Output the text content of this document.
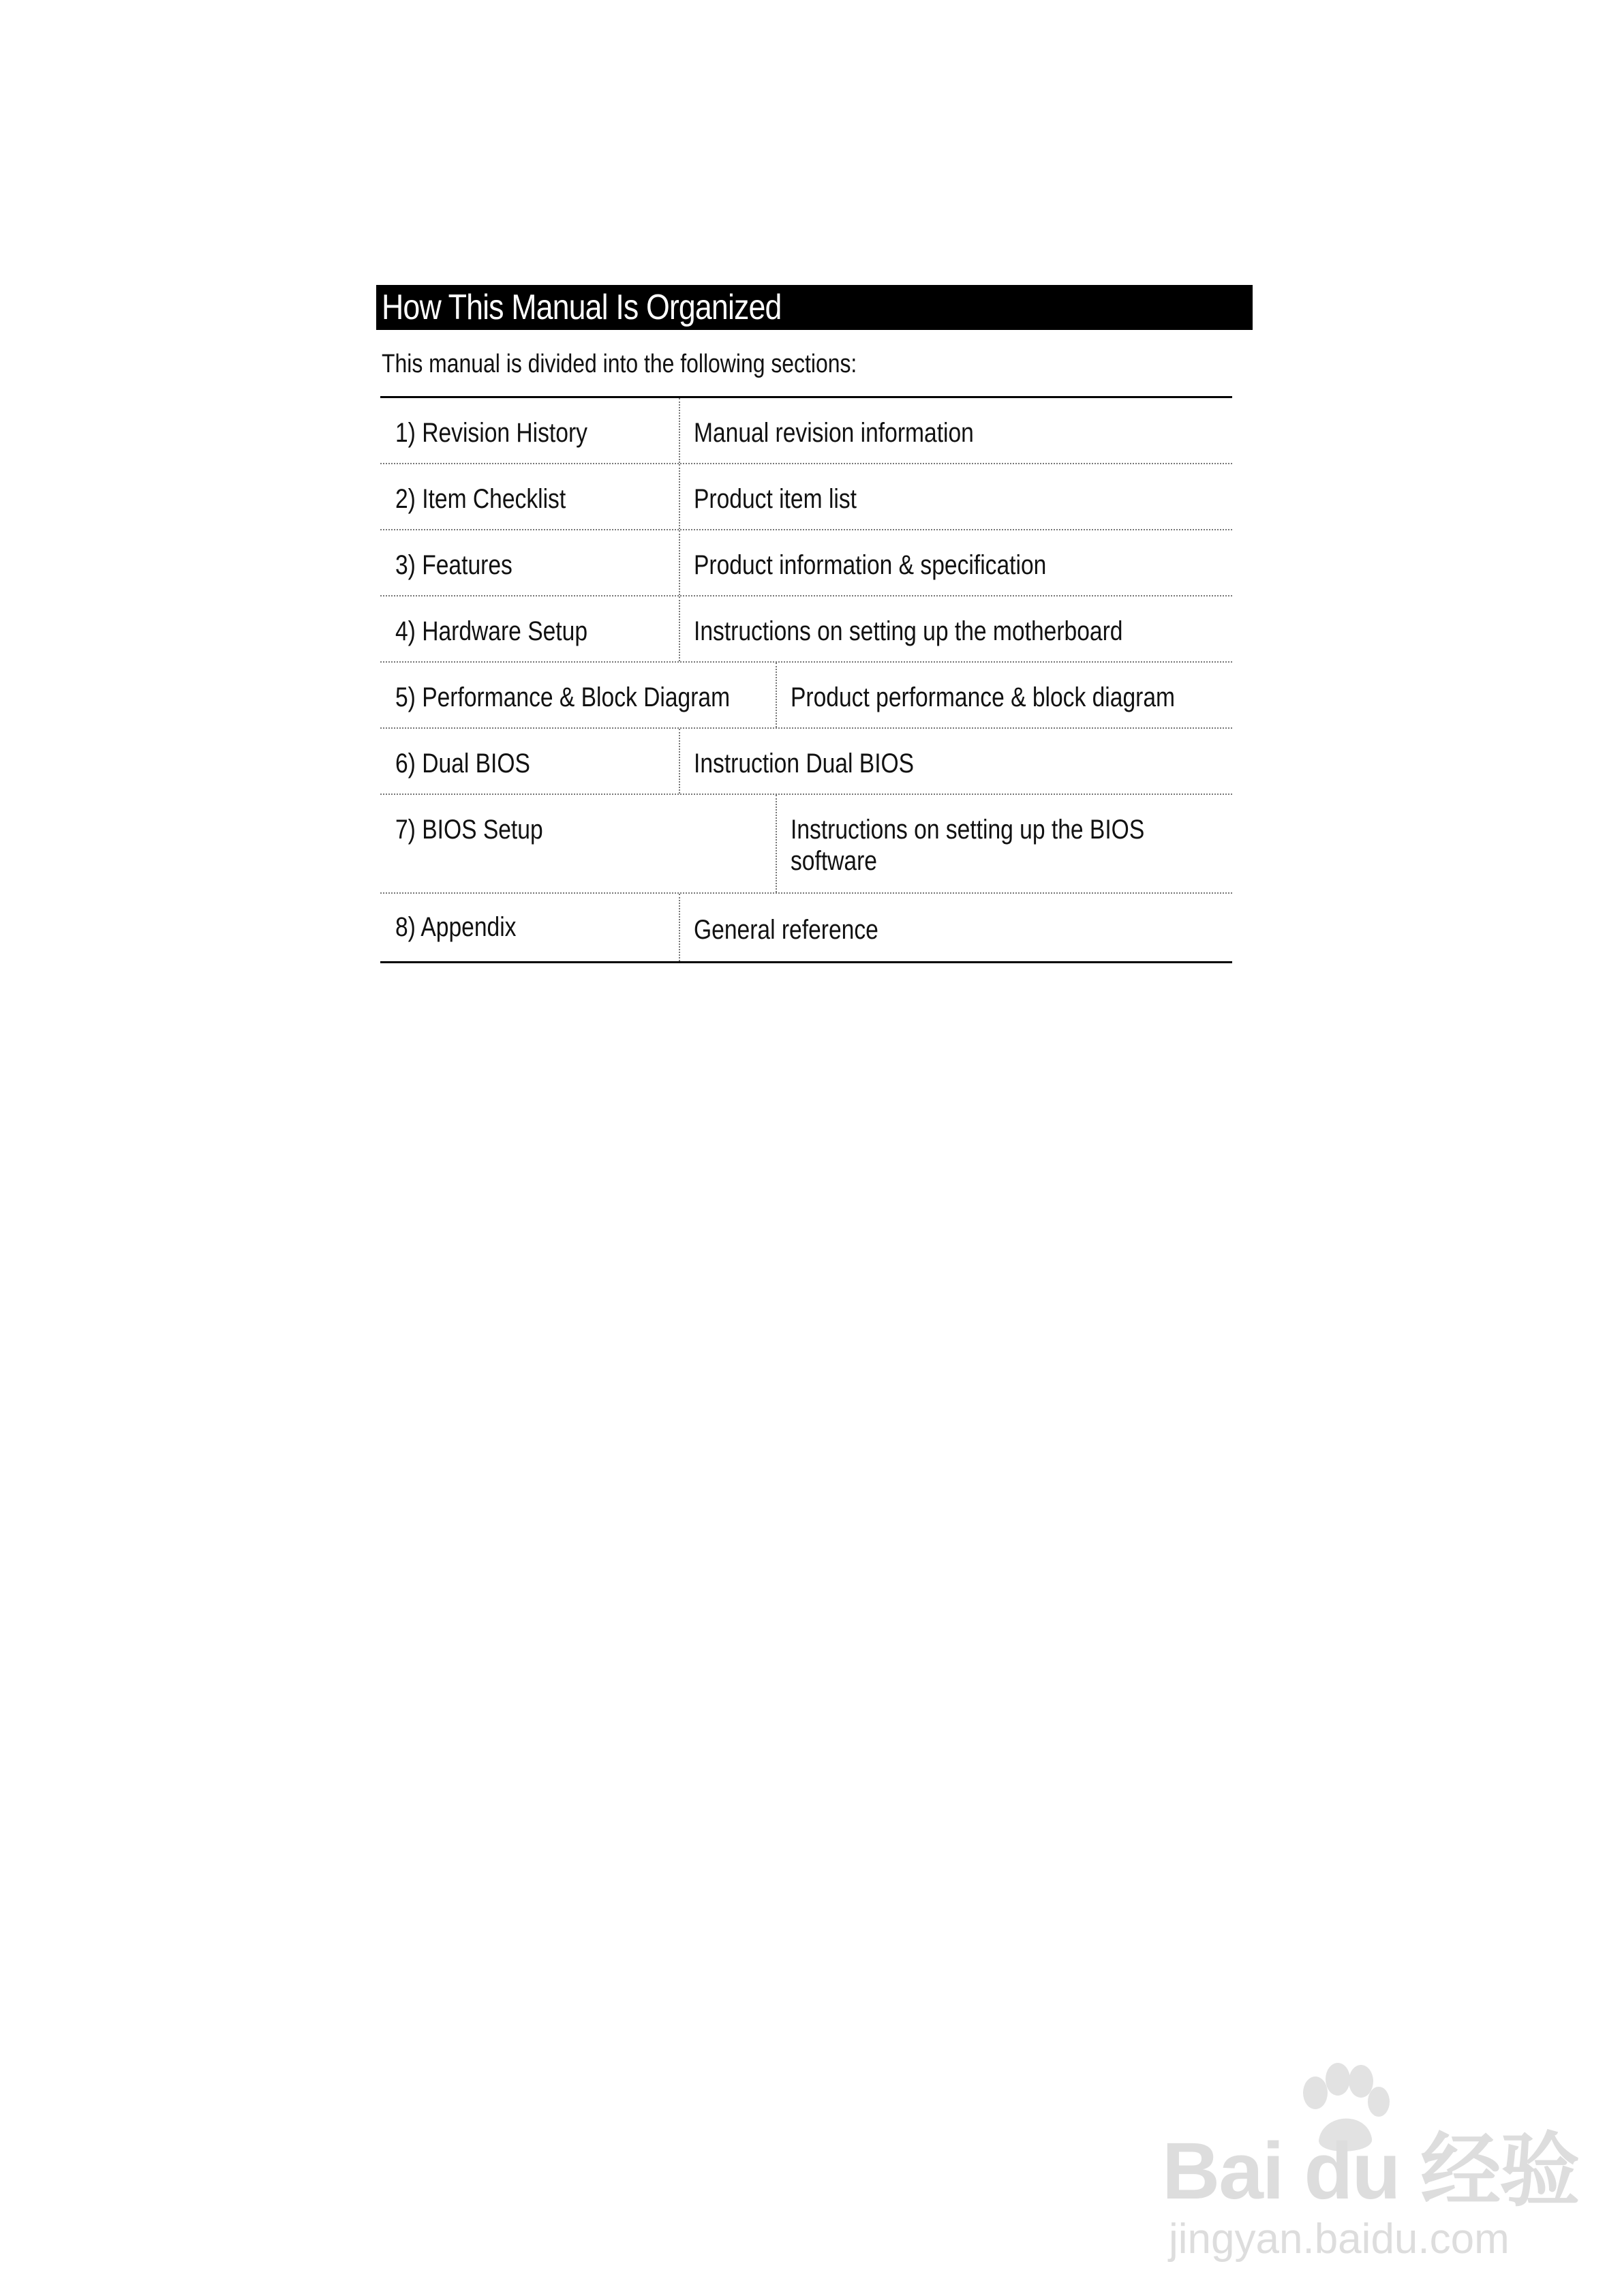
How This Manual Is Organized
This manual is divided into the following sections:
1) Revision History	Manual revision information
2) Item Checklist	Product item list
3) Features	Product information & specification
4) Hardware Setup	Instructions on setting up the motherboard
5) Performance & Block Diagram	Product performance & block diagram
6) Dual BIOS	Instruction Dual BIOS
7) BIOS Setup	Instructions on setting up the BIOS software
8) Appendix	General reference
Bai du 经验
jingyan.baidu.com
